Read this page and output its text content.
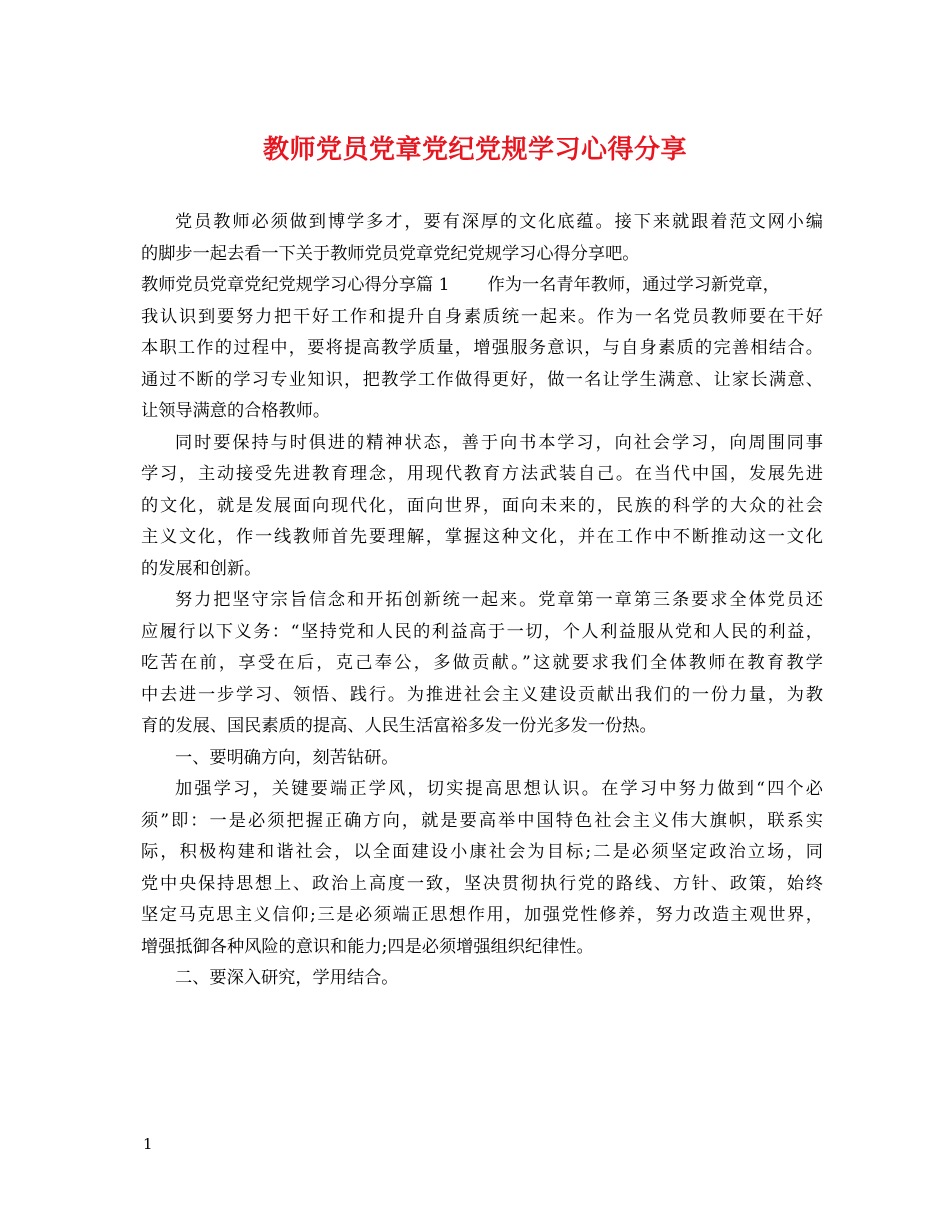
教师党员党章党纪党规学习心得分享
党员教师必须做到博学多才，要有深厚的文化底蕴。接下来就跟着范文网小编
的脚步一起去看一下关于教师党员党章党纪党规学习心得分享吧。
教师党员党章党纪党规学习心得分享篇 1 作为一名青年教师，通过学习新党章，
我认识到要努力把干好工作和提升自身素质统一起来。作为一名党员教师要在干好
本职工作的过程中，要将提高教学质量，增强服务意识，与自身素质的完善相结合。
通过不断的学习专业知识，把教学工作做得更好，做一名让学生满意、让家长满意、
让领导满意的合格教师。
同时要保持与时俱进的精神状态，善于向书本学习，向社会学习，向周围同事
学习，主动接受先进教育理念，用现代教育方法武装自己。在当代中国，发展先进
的文化，就是发展面向现代化，面向世界，面向未来的，民族的科学的大众的社会
主义文化，作一线教师首先要理解，掌握这种文化，并在工作中不断推动这一文化
的发展和创新。
努力把坚守宗旨信念和开拓创新统一起来。党章第一章第三条要求全体党员还
应履行以下义务：“坚持党和人民的利益高于一切，个人利益服从党和人民的利益，
吃苦在前，享受在后，克己奉公，多做贡献。”这就要求我们全体教师在教育教学
中去进一步学习、领悟、践行。为推进社会主义建设贡献出我们的一份力量，为教
育的发展、国民素质的提高、人民生活富裕多发一份光多发一份热。
一、要明确方向，刻苦钻研。
加强学习，关键要端正学风，切实提高思想认识。在学习中努力做到“四个必
须”即：一是必须把握正确方向，就是要高举中国特色社会主义伟大旗帜，联系实
际，积极构建和谐社会，以全面建设小康社会为目标;二是必须坚定政治立场，同
党中央保持思想上、政治上高度一致，坚决贯彻执行党的路线、方针、政策，始终
坚定马克思主义信仰;三是必须端正思想作用，加强党性修养，努力改造主观世界，
增强抵御各种风险的意识和能力;四是必须增强组织纪律性。
二、要深入研究，学用结合。
1
